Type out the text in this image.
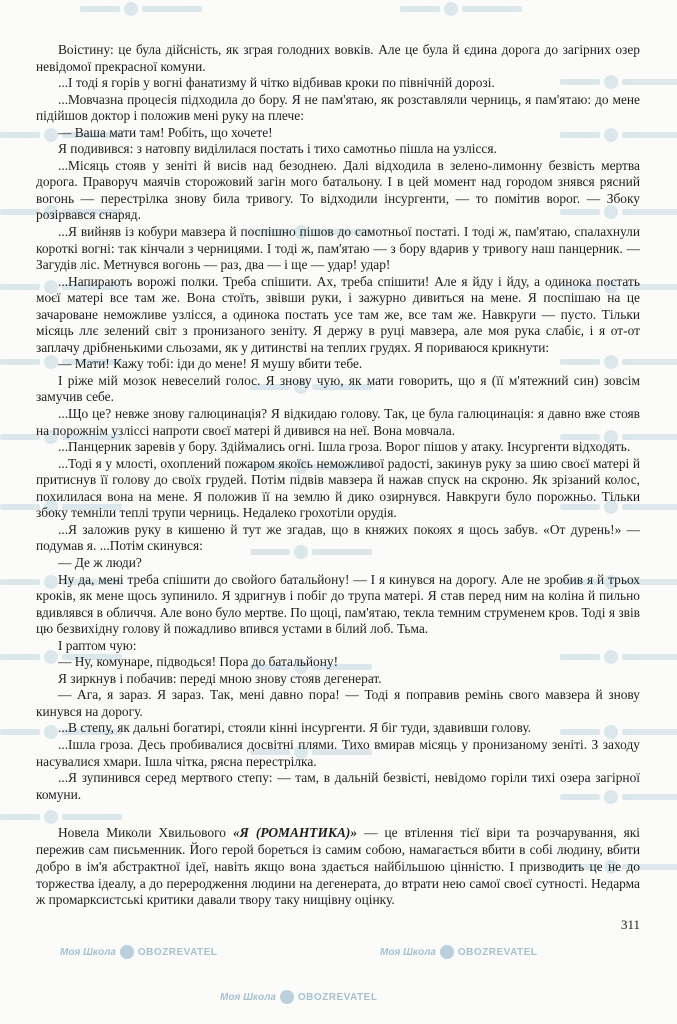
Воістину: це була дійсність, як зграя голодних вовків. Але це була й єдина дорога до загірних озер невідомої прекрасної комуни.

...І тоді я горів у вогні фанатизму й чітко відбивав кроки по північній дорозі.

...Мовчазна процесія підходила до бору. Я не пам'ятаю, як розставляли черниць, я пам'ятаю: до мене підійшов доктор і положив мені руку на плече:

— Ваша мати там! Робіть, що хочете!

Я подивився: з натовпу виділилася постать і тихо самотньо пішла на узлісся.

...Місяць стояв у зеніті й висів над безоднею. Далі відходила в зелено-лимонну безвість мертва дорога. Праворуч маячів сторожовий загін мого батальону. І в цей момент над городом знявся рясний вогонь — перестрілка знову била тривогу. То відходили інсургенти, — то помітив ворог. — Збоку розірвався снаряд.

...Я вийняв із кобури мавзера й поспішно пішов до самотньої постаті. І тоді ж, пам'ятаю, спалахнули короткі вогні: так кінчали з черницями. І тоді ж, пам'ятаю — з бору вдарив у тривогу наш панцерник. — Загудів ліс. Метнувся вогонь — раз, два — і ще — удар! удар!

...Напирають ворожі полки. Треба спішити. Ах, треба спішити! Але я йду і йду, а одинока постать моєї матері все там же. Вона стоїть, звівши руки, і зажурно дивиться на мене. Я поспішаю на це зачароване неможливе узлісся, а одинока постать усе там же, все там же. Навкруги — пусто. Тільки місяць ллє зелений світ з пронизаного зеніту. Я держу в руці мавзера, але моя рука слабіє, і я от-от заплачу дрібненькими сльозами, як у дитинстві на теплих грудях. Я пориваюся крикнути:

— Мати! Кажу тобі: іди до мене! Я мушу вбити тебе.

І ріже мій мозок невеселий голос. Я знову чую, як мати говорить, що я (її м'ятежний син) зовсім замучив себе.

...Що це? невже знову галюцинація? Я відкидаю голову. Так, це була галюцинація: я давно вже стояв на порожнім узліссі напроти своєї матері й дивився на неї. Вона мовчала.

...Панцерник заревів у бору. Здіймались огні. Ішла гроза. Ворог пішов у атаку. Інсургенти відходять.

...Тоді я у млості, охоплений пожаром якоїсь неможливої радості, закинув руку за шию своєї матері й притиснув її голову до своїх грудей. Потім підвів мавзера й нажав спуск на скроню. Як зрізаний колос, похилилася вона на мене. Я положив її на землю й дико озирнувся. Навкруги було порожньо. Тільки збоку темніли теплі трупи черниць. Недалеко грохотіли орудія.

...Я заложив руку в кишеню й тут же згадав, що в княжих покоях я щось забув. «От дурень!» — подумав я. ...Потім скинувся:

— Де ж люди?

Ну да, мені треба спішити до свойого батальйону! — І я кинувся на дорогу. Але не зробив я й трьох кроків, як мене щось зупинило. Я здригнув і побіг до трупа матері. Я став перед ним на коліна й пильно вдивлявся в обличчя. Але воно було мертве. По щоці, пам'ятаю, текла темним струменем кров. Тоді я звів цю безвихідну голову й пожадливо впився устами в білий лоб. Тьма.

І раптом чую:

— Ну, комунаре, підводься! Пора до батальйону!

Я зиркнув і побачив: переді мною знову стояв дегенерат.

— Ага, я зараз. Я зараз. Так, мені давно пора! — Тоді я поправив ремінь свого мавзера й знову кинувся на дорогу.

...В степу, як дальні богатирі, стояли кінні інсургенти. Я біг туди, здавивши голову.

...Ішла гроза. Десь пробивалися досвітні плями. Тихо вмирав місяць у пронизаному зеніті. З заходу насувалися хмари. Ішла чітка, рясна перестрілка.

...Я зупинився серед мертвого степу: — там, в дальній безвісті, невідомо горіли тихі озера загірної комуни.

Новела Миколи Хвильового «Я (РОМАНТИКА)» — це втілення тієї віри та розчарування, які пережив сам письменник. Його герой бореться із самим собою, намагається вбити в собі людину, вбити добро в ім'я абстрактної ідеї, навіть якщо вона здається найбільшою цінністю. І призводить це не до торжества ідеалу, а до переродження людини на дегенерата, до втрати нею самої своєї сутності. Недарма ж промарксистські критики давали твору таку нищівну оцінку.

311
Моя Школа OBOZREVATEL	Моя Школа OBOZREVATEL
Моя Школа OBOZREVATEL
